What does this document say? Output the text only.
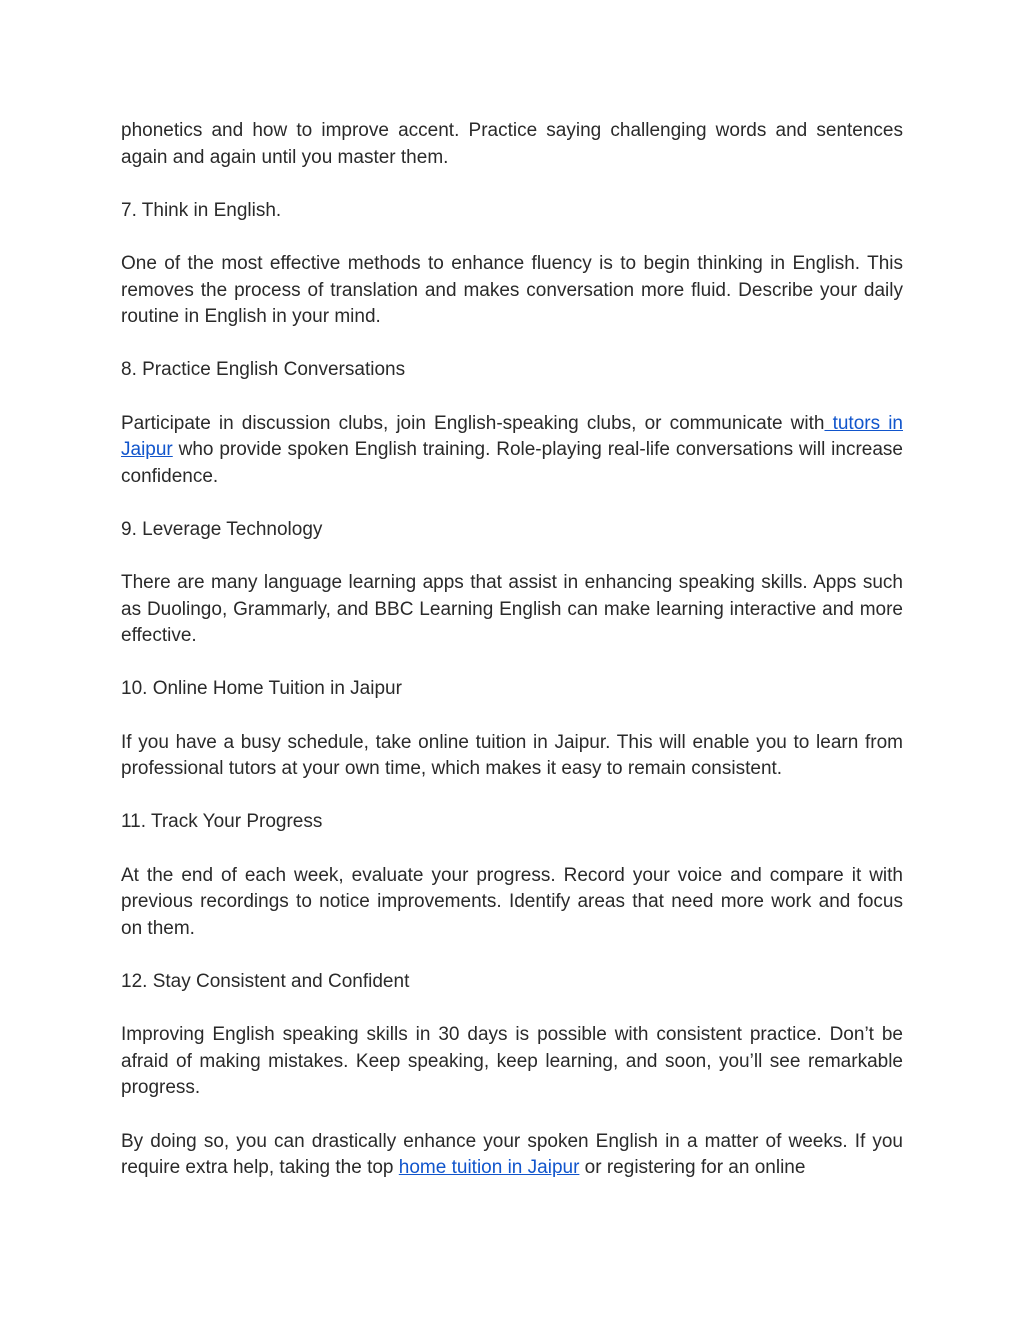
phonetics and how to improve accent. Practice saying challenging words and sentences again and again until you master them.

7. Think in English.

One of the most effective methods to enhance fluency is to begin thinking in English. This removes the process of translation and makes conversation more fluid. Describe your daily routine in English in your mind.

8. Practice English Conversations

Participate in discussion clubs, join English-speaking clubs, or communicate with tutors in Jaipur who provide spoken English training. Role-playing real-life conversations will increase confidence.

9. Leverage Technology

There are many language learning apps that assist in enhancing speaking skills. Apps such as Duolingo, Grammarly, and BBC Learning English can make learning interactive and more effective.

10. Online Home Tuition in Jaipur

If you have a busy schedule, take online tuition in Jaipur. This will enable you to learn from professional tutors at your own time, which makes it easy to remain consistent.

11. Track Your Progress

At the end of each week, evaluate your progress. Record your voice and compare it with previous recordings to notice improvements. Identify areas that need more work and focus on them.

12. Stay Consistent and Confident

Improving English speaking skills in 30 days is possible with consistent practice. Don’t be afraid of making mistakes. Keep speaking, keep learning, and soon, you’ll see remarkable progress.

By doing so, you can drastically enhance your spoken English in a matter of weeks. If you require extra help, taking the top home tuition in Jaipur or registering for an online
